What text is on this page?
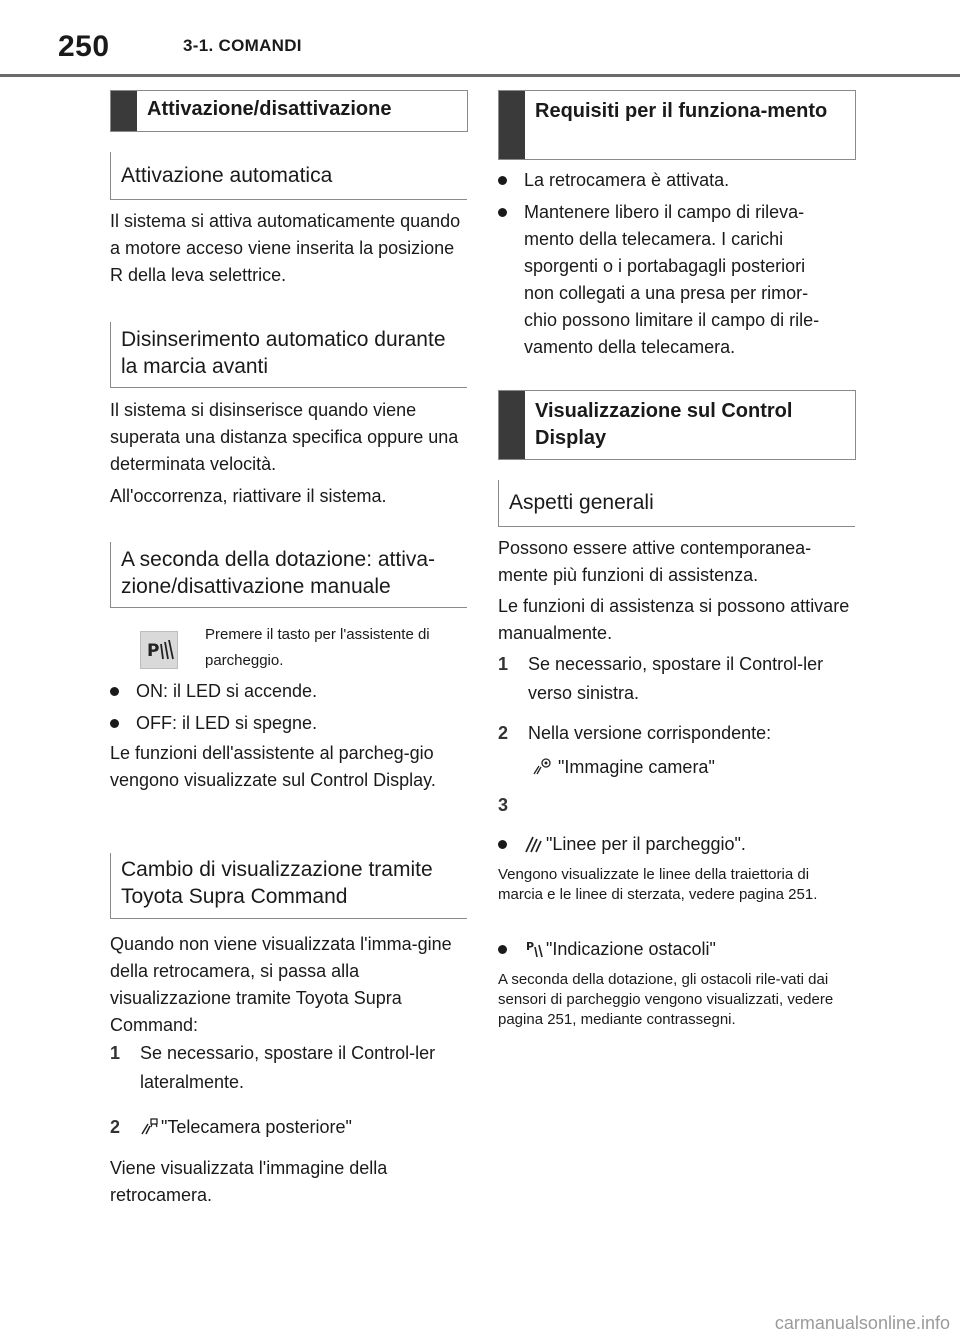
250	3-1. COMANDI
Attivazione/disattivazione
Attivazione automatica
Il sistema si attiva automaticamente quando a motore acceso viene inserita la posizione R della leva selettrice.
Disinserimento automatico durante la marcia avanti
Il sistema si disinserisce quando viene superata una distanza specifica oppure una determinata velocità.
All'occorrenza, riattivare il sistema.
A seconda della dotazione: attiva-zione/disattivazione manuale
P
Premere il tasto per l'assistente di parcheggio.
ON: il LED si accende.
OFF: il LED si spegne.
Le funzioni dell'assistente al parcheg-gio vengono visualizzate sul Control Display.
Cambio di visualizzazione tramite Toyota Supra Command
Quando non viene visualizzata l'imma-gine della retrocamera, si passa alla visualizzazione tramite Toyota Supra Command:
1 Se necessario, spostare il Control-ler lateralmente.
2	"Telecamera posteriore"
Viene visualizzata l'immagine della retrocamera.
Requisiti per il funziona-mento
La retrocamera è attivata.
Mantenere libero il campo di rileva-mento della telecamera. I carichi sporgenti o i portabagagli posteriori non collegati a una presa per rimor-chio possono limitare il campo di rile-vamento della telecamera.
Visualizzazione sul Control Display
Aspetti generali
Possono essere attive contemporanea-mente più funzioni di assistenza.
Le funzioni di assistenza si possono attivare manualmente.
1 Se necessario, spostare il Control-ler verso sinistra.
2 Nella versione corrispondente:
"Immagine camera"
3
"Linee per il parcheggio".
Vengono visualizzate le linee della traiettoria di marcia e le linee di sterzata, vedere pagina 251.
P "Indicazione ostacoli"
A seconda della dotazione, gli ostacoli rile-vati dai sensori di parcheggio vengono visualizzati, vedere pagina 251, mediante contrassegni.
carmanualsonline.info
